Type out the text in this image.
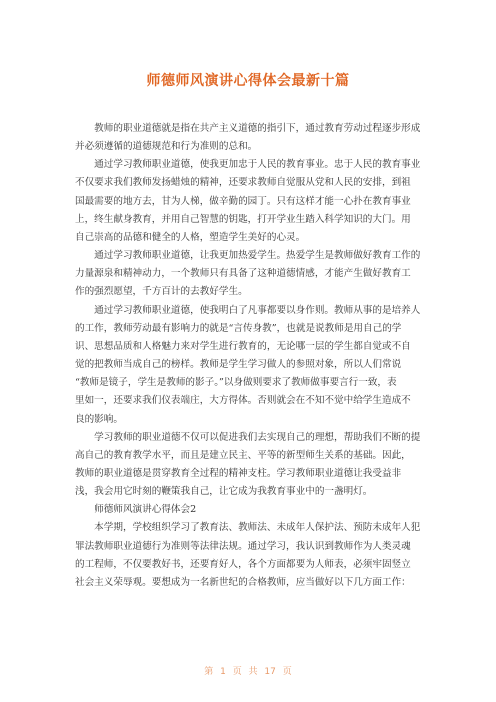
师德师风演讲心得体会最新十篇

　　教师的职业道德就是指在共产主义道德的指引下，通过教育劳动过程逐步形成
并必须遵循的道德规范和行为准则的总和。

　　通过学习教师职业道德，使我更加忠于人民的教育事业。忠于人民的教育事业
不仅要求我们教师发扬蜡烛的精神，还要求教师自觉服从党和人民的安排，到祖
国最需要的地方去，甘为人梯，做辛勤的园丁。只有这样才能一心扑在教育事业
上，终生献身教育，并用自己智慧的钥匙，打开学业生踏入科学知识的大门。用
自己崇高的品德和健全的人格，塑造学生美好的心灵。

　　通过学习教师职业道德，让我更加热爱学生。热爱学生是教师做好教育工作的
力量源泉和精神动力，一个教师只有具备了这种道德情感，才能产生做好教育工
作的强烈愿望，千方百计的去教好学生。

　　通过学习教师职业道德，使我明白了凡事都要以身作则。教师从事的是培养人
的工作，教师劳动最有影响力的就是“言传身教”，也就是说教师是用自己的学
识、思想品质和人格魅力来对学生进行教育的，无论哪一层的学生都自觉或不自
觉的把教师当成自己的榜样。教师是学生学习做人的参照对象，所以人们常说
“教师是镜子，学生是教师的影子。”以身做则要求了教师做事要言行一致，表
里如一，还要求我们仪表端庄，大方得体。否则就会在不知不觉中给学生造成不
良的影响。

　　学习教师的职业道德不仅可以促进我们去实现自己的理想，帮助我们不断的提
高自己的教育教学水平，而且是建立民主、平等的新型师生关系的基础。因此，
教师的职业道德是贯穿教育全过程的精神支柱。学习教师职业道德让我受益非
浅，我会用它时刻的鞭策我自己，让它成为我教育事业中的一盏明灯。

　　师德师风演讲心得体会2

　　本学期，学校组织学习了教育法、教师法、未成年人保护法、预防未成年人犯
罪法教师职业道德行为准则等法律法规。通过学习，我认识到教师作为人类灵魂
的工程师，不仅要教好书，还要育好人，各个方面都要为人师表，必须牢固竖立
社会主义荣辱观。要想成为一名新世纪的合格教师，应当做好以下几方面工作：

第 1 页 共 17 页
